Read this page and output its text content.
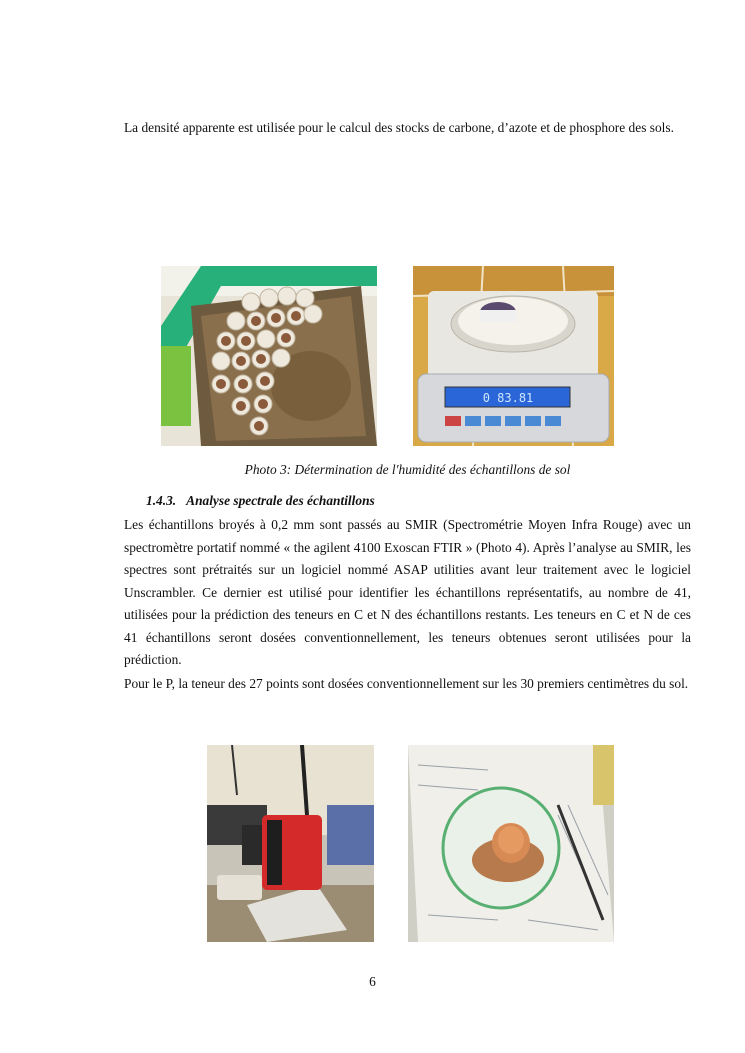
La densité apparente est utilisée pour le calcul des stocks de carbone, d’azote et de phosphore des sols.

0 83.81
Photo 3: Détermination de l'humidité des échantillons de sol

1.4.3. Analyse spectrale des échantillons

Les échantillons broyés à 0,2 mm sont passés au SMIR (Spectrométrie Moyen Infra Rouge) avec un spectromètre portatif nommé « the agilent 4100 Exoscan FTIR » (Photo 4). Après l’analyse au SMIR, les spectres sont prétraités sur un logiciel nommé ASAP utilities avant leur traitement avec le logiciel Unscrambler. Ce dernier est utilisé pour identifier les échantillons représentatifs, au nombre de 41, utilisées pour la prédiction des teneurs en C et N des échantillons restants. Les teneurs en C et N de ces 41 échantillons seront dosées conventionnellement, les teneurs obtenues seront utilisées pour la prédiction.

Pour le P, la teneur des 27 points sont dosées conventionnellement sur les 30 premiers centimètres du sol.

6
